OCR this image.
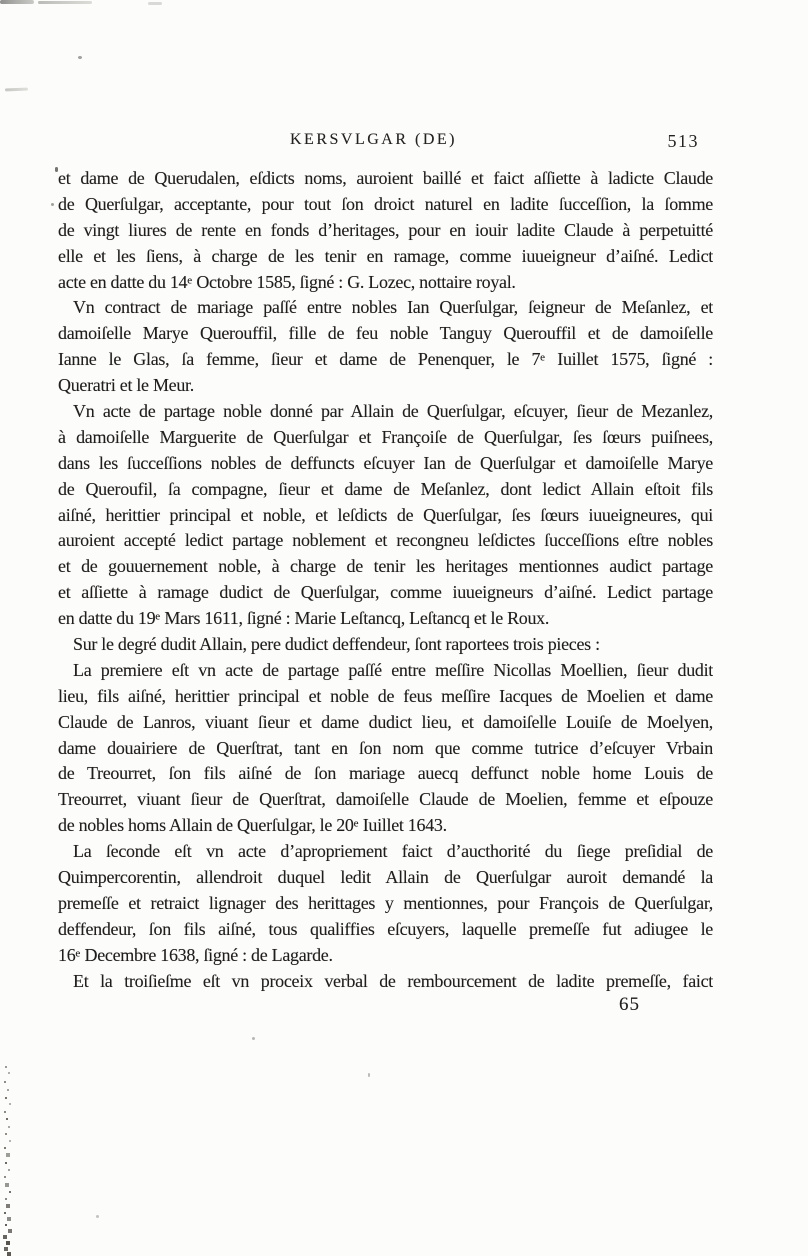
KERSVLGAR (DE)	513
et dame de Querudalen, eſdicts noms, auroient baillé et faict aſſiette à ladicte Claude
de Querſulgar, acceptante, pour tout ſon droict naturel en ladite ſucceſſion, la ſomme
de vingt liures de rente en fonds d’heritages, pour en iouir ladite Claude à perpetuitté
elle et les ſiens, à charge de les tenir en ramage, comme iuueigneur d’aiſné. Ledict
acte en datte du 14e Octobre 1585, ſigné : G. Lozec, nottaire royal.
Vn contract de mariage paſſé entre nobles Ian Querſulgar, ſeigneur de Meſanlez, et
damoiſelle Marye Querouffil, fille de feu noble Tanguy Querouffil et de damoiſelle
Ianne le Glas, ſa femme, ſieur et dame de Penenquer, le 7e Iuillet 1575, ſigné :
Queratri et le Meur.
Vn acte de partage noble donné par Allain de Querſulgar, eſcuyer, ſieur de Mezanlez,
à damoiſelle Marguerite de Querſulgar et Françoiſe de Querſulgar, ſes ſœurs puiſnees,
dans les ſucceſſions nobles de deffuncts eſcuyer Ian de Querſulgar et damoiſelle Marye
de Queroufil, ſa compagne, ſieur et dame de Meſanlez, dont ledict Allain eſtoit fils
aiſné, herittier principal et noble, et leſdicts de Querſulgar, ſes ſœurs iuueigneures, qui
auroient accepté ledict partage noblement et recongneu leſdictes ſucceſſions eſtre nobles
et de gouuernement noble, à charge de tenir les heritages mentionnes audict partage
et aſſiette à ramage dudict de Querſulgar, comme iuueigneurs d’aiſné. Ledict partage
en datte du 19e Mars 1611, ſigné : Marie Leſtancq, Leſtancq et le Roux.
Sur le degré dudit Allain, pere dudict deffendeur, ſont raportees trois pieces :
La premiere eſt vn acte de partage paſſé entre meſſire Nicollas Moellien, ſieur dudit
lieu, fils aiſné, herittier principal et noble de feus meſſire Iacques de Moelien et dame
Claude de Lanros, viuant ſieur et dame dudict lieu, et damoiſelle Louiſe de Moelyen,
dame douairiere de Querſtrat, tant en ſon nom que comme tutrice d’eſcuyer Vrbain
de Treourret, ſon fils aiſné de ſon mariage auecq deffunct noble home Louis de
Treourret, viuant ſieur de Querſtrat, damoiſelle Claude de Moelien, femme et eſpouze
de nobles homs Allain de Querſulgar, le 20e Iuillet 1643.
La ſeconde eſt vn acte d’apropriement faict d’aucthorité du ſiege preſidial de
Quimpercorentin, allendroit duquel ledit Allain de Querſulgar auroit demandé la
premeſſe et retraict lignager des herittages y mentionnes, pour François de Querſulgar,
deffendeur, ſon fils aiſné, tous qualiffies eſcuyers, laquelle premeſſe fut adiugee le
16e Decembre 1638, ſigné : de Lagarde.
Et la troiſieſme eſt vn proceix verbal de rembourcement de ladite premeſſe, faict
65
